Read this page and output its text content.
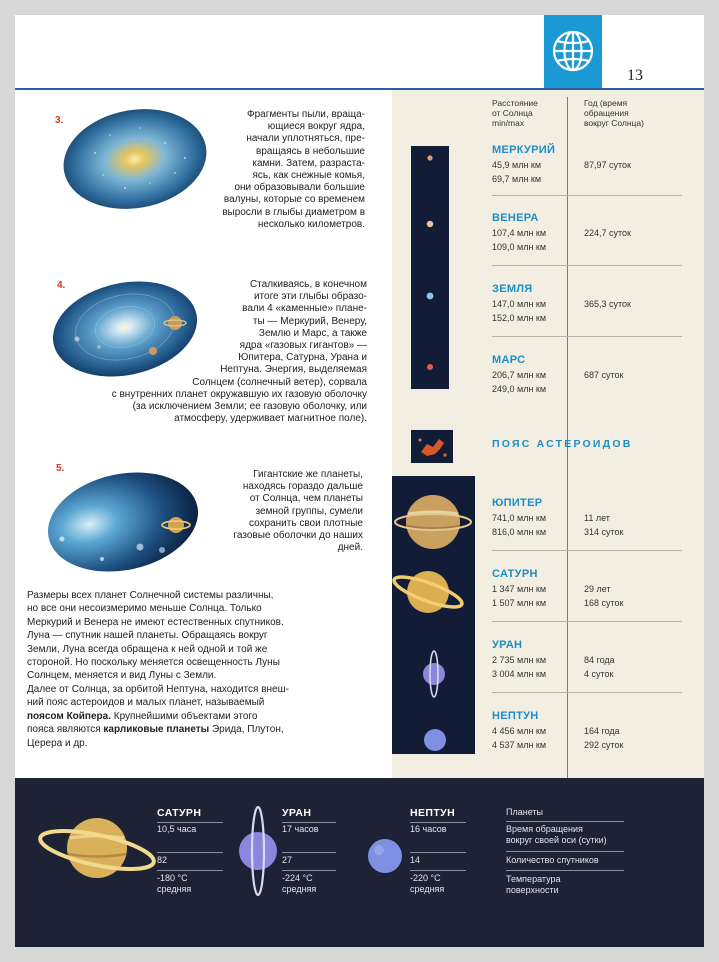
13
3.
4.
5.
Фрагменты пыли, враща-
ющиеся вокруг ядра,
начали уплотняться, пре-
вращаясь в небольшие
камни. Затем, разраста-
ясь, как снежные комья,
они образовывали большие
валуны, которые со временем
выросли в глыбы диаметром в
несколько километров.
Сталкиваясь, в конечном
итоге эти глыбы образо-
вали 4 «каменные» плане-
ты — Меркурий, Венеру,
Землю и Марс, а также
ядра «газовых гигантов» —
Юпитера, Сатурна, Урана и
Нептуна. Энергия, выделяемая
Солнцем (солнечный ветер), сорвала
с внутренних планет окружавшую их газовую оболочку
(за исключением Земли; ее газовую оболочку, или
атмосферу, удерживает магнитное поле).
Гигантские же планеты,
находясь гораздо дальше
от Солнца, чем планеты
земной группы, сумели
сохранить свои плотные
газовые оболочки до наших
дней.
Размеры всех планет Солнечной системы различны,
но все они несоизмеримо меньше Солнца. Только
Меркурий и Венера не имеют естественных спутников.
Луна — спутник нашей планеты. Обращаясь вокруг
Земли, Луна всегда обращена к ней одной и той же
стороной. Но поскольку меняется освещенность Луны
Солнцем, меняется и вид Луны с Земли.
Далее от Солнца, за орбитой Нептуна, находится внеш-
ний пояс астероидов и малых планет, называемый
поясом Койпера. Крупнейшими объектами этого
пояса являются карликовые планеты Эрида, Плутон,
Церера и др.
Расстояние
от Солнца
min/max
Год (время
обращения
вокруг Солнца)
МЕРКУРИЙ
45,9 млн км
69,7 млн км
87,97 суток
ВЕНЕРА
107,4 млн км
109,0 млн км
224,7 суток
ЗЕМЛЯ
147,0 млн км
152,0 млн км
365,3 суток
МАРС
206,7 млн км
249,0 млн км
687 суток
ПОЯС АСТЕРОИДОВ
ЮПИТЕР
741,0 млн км
816,0 млн км
11 лет
314 суток
САТУРН
1 347 млн км
1 507 млн км
29 лет
168 суток
УРАН
2 735 млн км
3 004 млн км
84 года
4 суток
НЕПТУН
4 456 млн км
4 537 млн км
164 года
292 суток
САТУРН
10,5 часа
82
-180 °C
средняя
УРАН
17 часов
27
-224 °C
средняя
НЕПТУН
16 часов
14
-220 °C
средняя
Планеты
Время обращения
вокруг своей оси (сутки)
Количество спутников
Температура
поверхности
